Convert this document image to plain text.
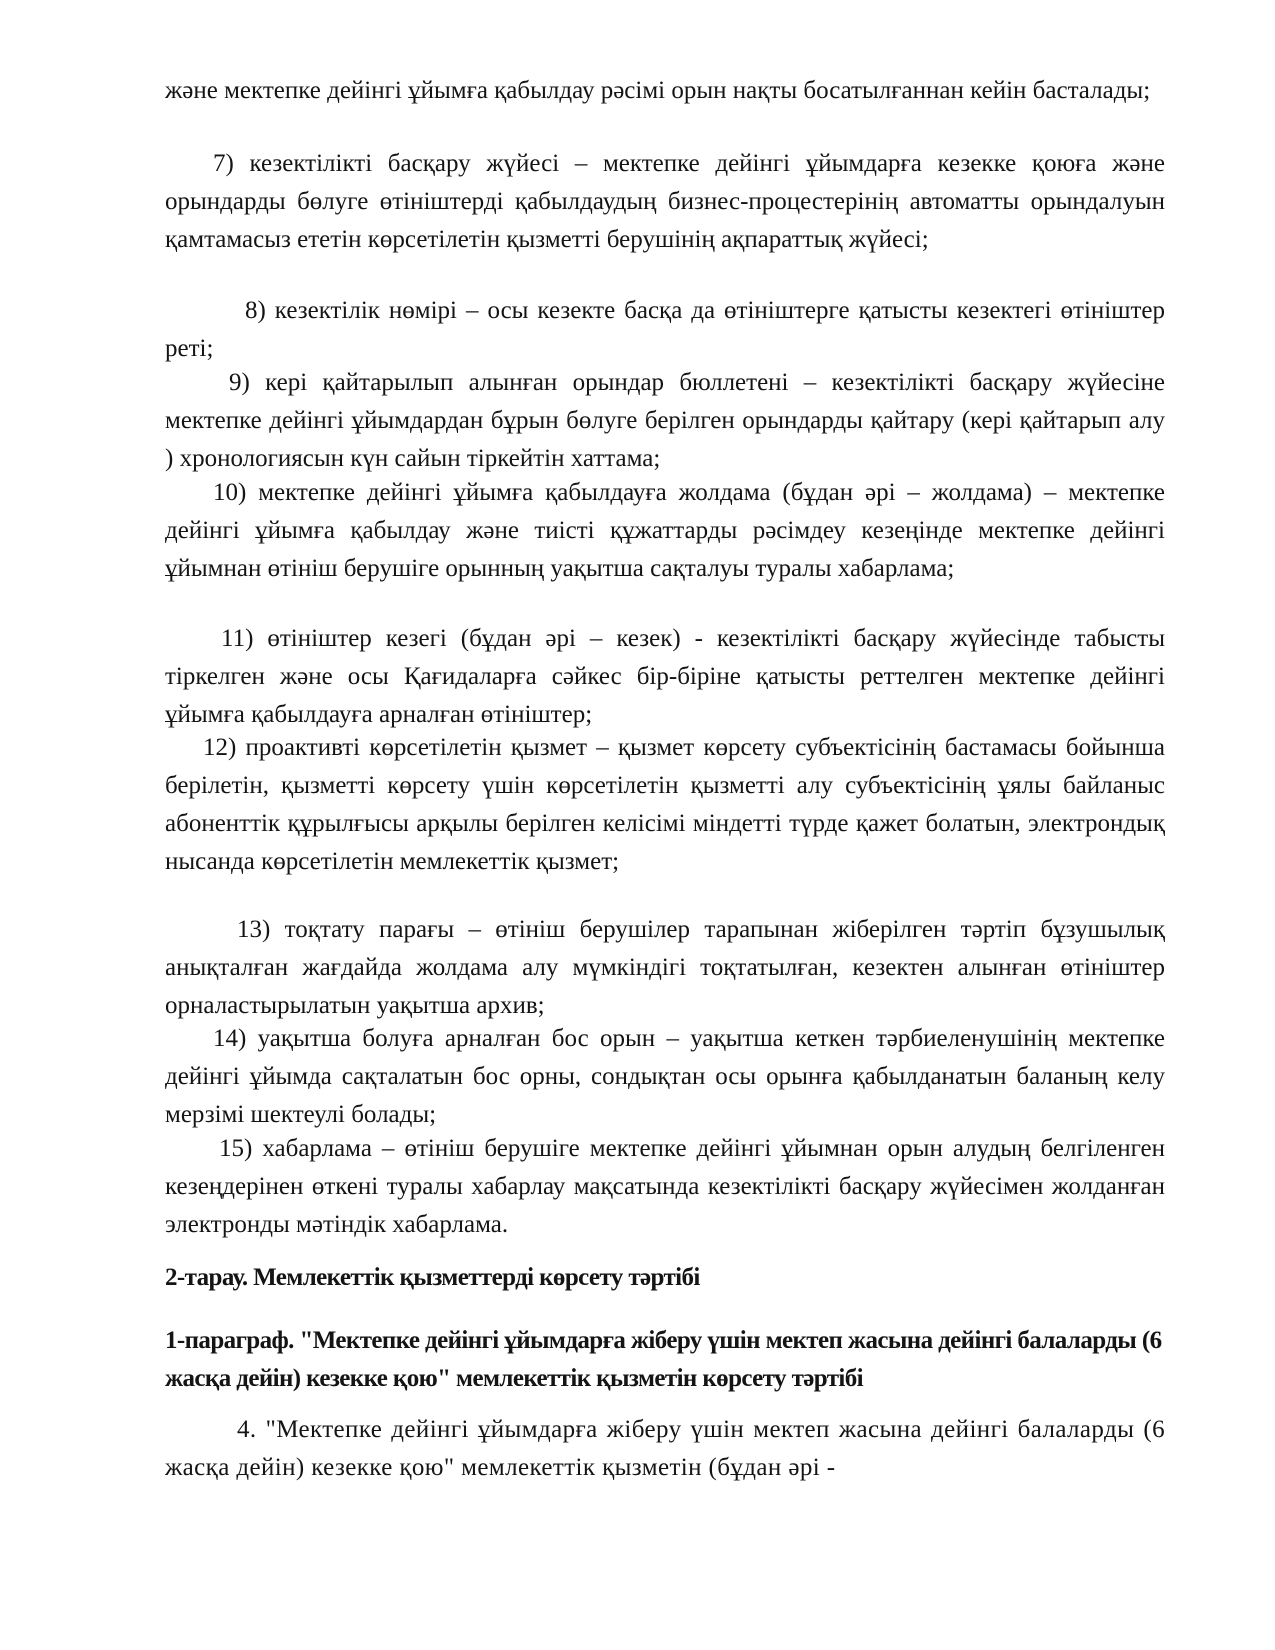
және мектепке дейінгі ұйымға қабылдау рәсімі орын нақты босатылғаннан кейін басталады;

7) кезектілікті басқару жүйесі – мектепке дейінгі ұйымдарға кезекке қоюға және орындарды бөлуге өтініштерді қабылдаудың бизнес-процестерінің автоматты орындалуын қамтамасыз ететін көрсетілетін қызметті берушінің ақпараттық жүйесі;

8) кезектілік нөмірі – осы кезекте басқа да өтініштерге қатысты кезектегі өтініштер реті;

9) кері қайтарылып алынған орындар бюллетені – кезектілікті басқару жүйесіне мектепке дейінгі ұйымдардан бұрын бөлуге берілген орындарды қайтару (кері қайтарып алу ) хронологиясын күн сайын тіркейтін хаттама;

10) мектепке дейінгі ұйымға қабылдауға жолдама (бұдан әрі – жолдама) – мектепке дейінгі ұйымға қабылдау және тиісті құжаттарды рәсімдеу кезеңінде мектепке дейінгі ұйымнан өтініш берушіге орынның уақытша сақталуы туралы хабарлама;

11) өтініштер кезегі (бұдан әрі – кезек) - кезектілікті басқару жүйесінде табысты тіркелген және осы Қағидаларға сәйкес бір-біріне қатысты реттелген мектепке дейінгі ұйымға қабылдауға арналған өтініштер;

12) проактивті көрсетілетін қызмет – қызмет көрсету субъектісінің бастамасы бойынша берілетін, қызметті көрсету үшін көрсетілетін қызметті алу субъектісінің ұялы байланыс абоненттік құрылғысы арқылы берілген келісімі міндетті түрде қажет болатын, электрондық нысанда көрсетілетін мемлекеттік қызмет;

13) тоқтату парағы – өтініш берушілер тарапынан жіберілген тәртіп бұзушылық анықталған жағдайда жолдама алу мүмкіндігі тоқтатылған, кезектен алынған өтініштер орналастырылатын уақытша архив;

14) уақытша болуға арналған бос орын – уақытша кеткен тәрбиеленушінің мектепке дейінгі ұйымда сақталатын бос орны, сондықтан осы орынға қабылданатын баланың келу мерзімі шектеулі болады;

15) хабарлама – өтініш берушіге мектепке дейінгі ұйымнан орын алудың белгіленген кезеңдерінен өткені туралы хабарлау мақсатында кезектілікті басқару жүйесімен жолданған электронды мәтіндік хабарлама.

2-тарау. Мемлекеттік қызметтерді көрсету тәртібі
1-параграф. "Мектепке дейінгі ұйымдарға жіберу үшін мектеп жасына дейінгі балаларды (6 жасқа дейін) кезекке қою" мемлекеттік қызметін көрсету тәртібі

4. "Мектепке дейінгі ұйымдарға жіберу үшін мектеп жасына дейінгі балаларды (6 жасқа дейін) кезекке қою" мемлекеттік қызметін (бұдан әрі -
